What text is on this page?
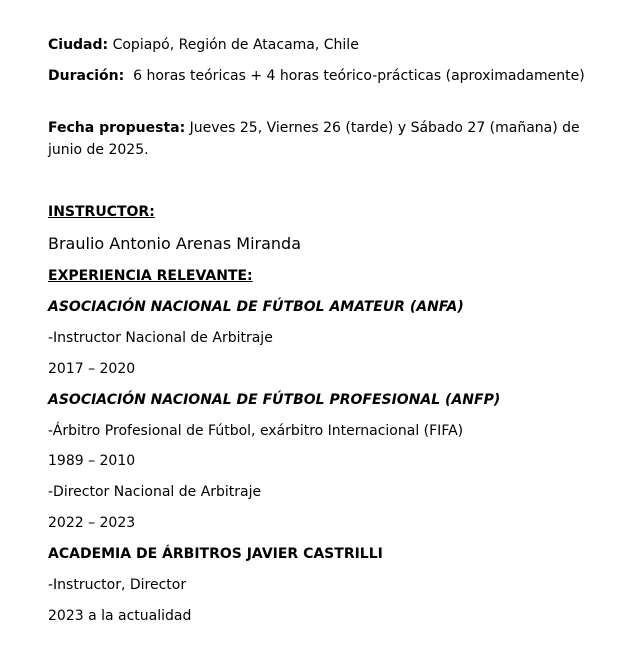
Ciudad: Copiapó, Región de Atacama, Chile
Duración: 6 horas teóricas + 4 horas teórico-prácticas (aproximadamente)
Fecha propuesta: Jueves 25, Viernes 26 (tarde) y Sábado 27 (mañana) de junio de 2025.
INSTRUCTOR:
Braulio Antonio Arenas Miranda
EXPERIENCIA RELEVANTE:
ASOCIACIÓN NACIONAL DE FÚTBOL AMATEUR (ANFA)
-Instructor Nacional de Arbitraje
2017 – 2020
ASOCIACIÓN NACIONAL DE FÚTBOL PROFESIONAL (ANFP)
-Árbitro Profesional de Fútbol, exárbitro Internacional (FIFA)
1989 – 2010
-Director Nacional de Arbitraje
2022 – 2023
ACADEMIA DE ÁRBITROS JAVIER CASTRILLI
-Instructor, Director
2023 a la actualidad
